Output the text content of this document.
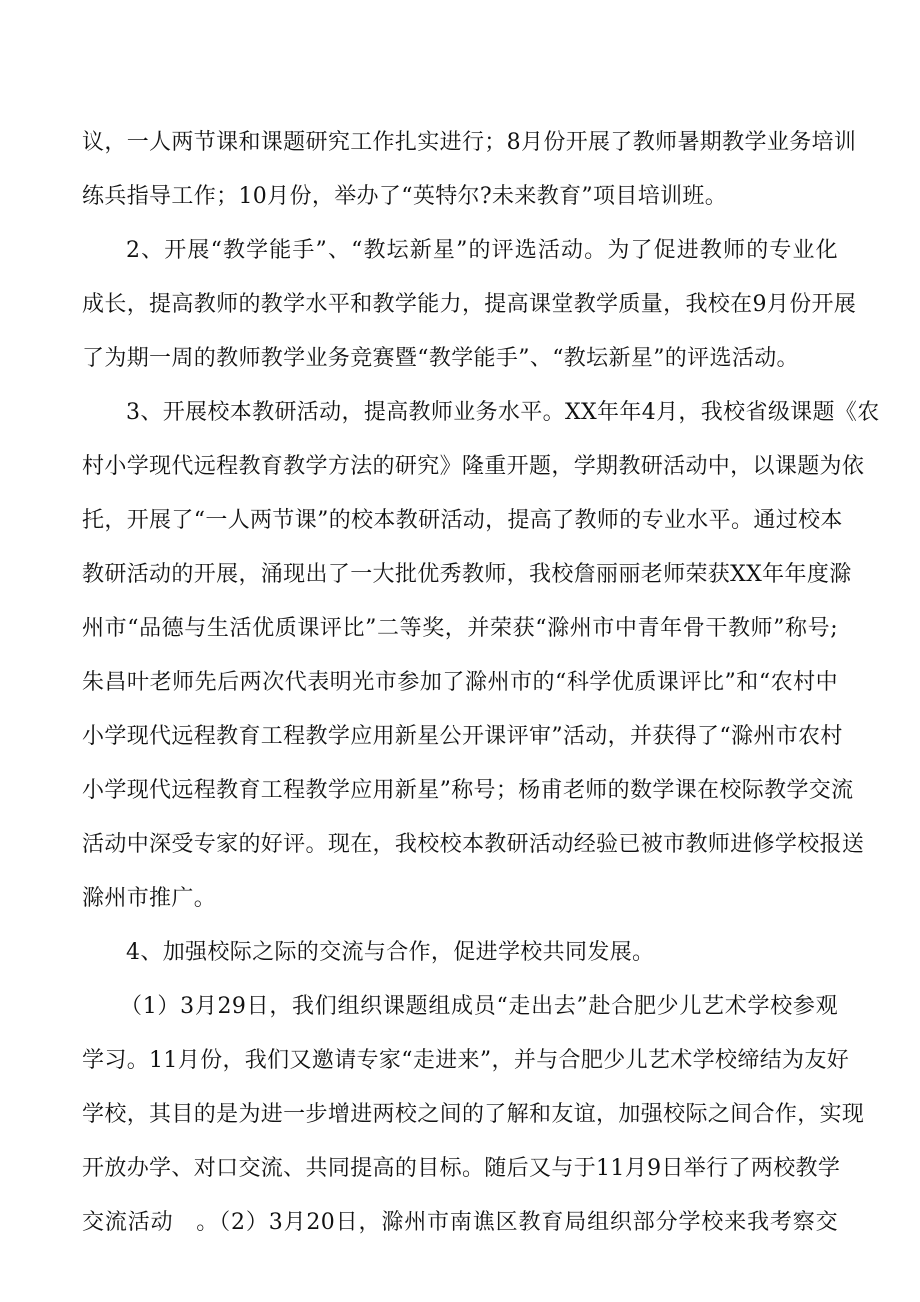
议，一人两节课和课题研究工作扎实进行；8月份开展了教师暑期教学业务培训
练兵指导工作；10月份，举办了“英特尔?未来教育”项目培训班。
2、开展“教学能手”、“教坛新星”的评选活动。为了促进教师的专业化
成长，提高教师的教学水平和教学能力，提高课堂教学质量，我校在9月份开展
了为期一周的教师教学业务竞赛暨“教学能手”、“教坛新星”的评选活动。
3、开展校本教研活动，提高教师业务水平。XX年年4月，我校省级课题《农
村小学现代远程教育教学方法的研究》隆重开题，学期教研活动中，以课题为依
托，开展了“一人两节课”的校本教研活动，提高了教师的专业水平。通过校本
教研活动的开展，涌现出了一大批优秀教师，我校詹丽丽老师荣获XX年年度滁
州市“品德与生活优质课评比”二等奖，并荣获“滁州市中青年骨干教师”称号;
朱昌叶老师先后两次代表明光市参加了滁州市的“科学优质课评比”和“农村中
小学现代远程教育工程教学应用新星公开课评审”活动，并获得了“滁州市农村
小学现代远程教育工程教学应用新星”称号；杨甫老师的数学课在校际教学交流
活动中深受专家的好评。现在，我校校本教研活动经验已被市教师进修学校报送
滁州市推广。
4、加强校际之际的交流与合作，促进学校共同发展。
（1）3月29日，我们组织课题组成员“走出去”赴合肥少儿艺术学校参观
学习。11月份，我们又邀请专家“走进来”，并与合肥少儿艺术学校缔结为友好
学校，其目的是为进一步增进两校之间的了解和友谊，加强校际之间合作，实现
开放办学、对口交流、共同提高的目标。随后又与于11月9日举行了两校教学
交流活动　。（2）3月20日，滁州市南谯区教育局组织部分学校来我考察交
